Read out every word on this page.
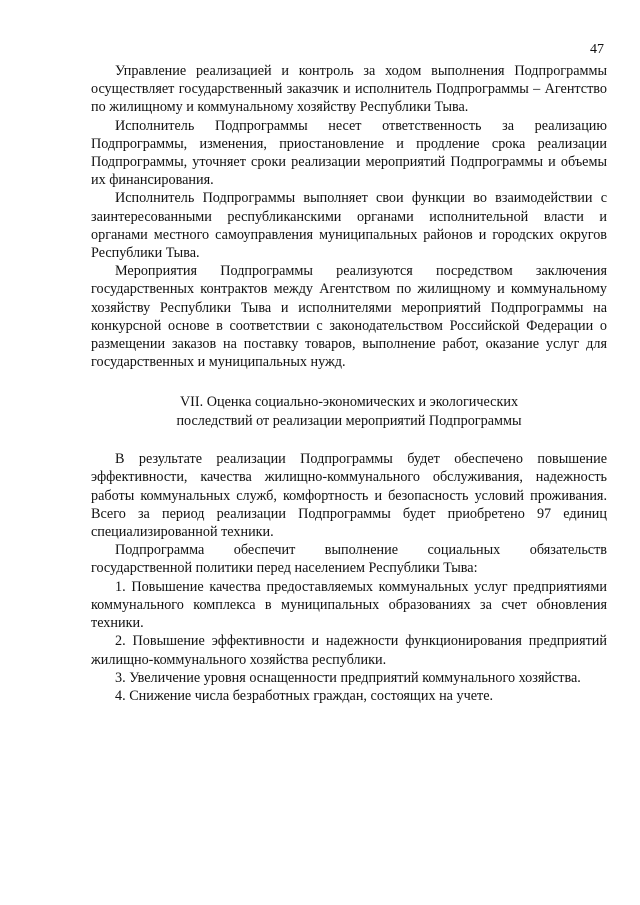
47

Управление реализацией и контроль за ходом выполнения Подпрограммы осуществляет государственный заказчик и исполнитель Подпрограммы – Агентство по жилищному и коммунальному хозяйству Республики Тыва.

Исполнитель Подпрограммы несет ответственность за реализацию Подпрограммы, изменения, приостановление и продление срока реализации Подпрограммы, уточняет сроки реализации мероприятий Подпрограммы и объемы их финансирования.

Исполнитель Подпрограммы выполняет свои функции во взаимодействии с заинтересованными республиканскими органами исполнительной власти и органами местного самоуправления муниципальных районов и городских округов Республики Тыва.

Мероприятия Подпрограммы реализуются посредством заключения государственных контрактов между Агентством по жилищному и коммунальному хозяйству Республики Тыва и исполнителями мероприятий Подпрограммы на конкурсной основе в соответствии с законодательством Российской Федерации о размещении заказов на поставку товаров, выполнение работ, оказание услуг для государственных и муниципальных нужд.

VII. Оценка социально-экономических и экологических
последствий от реализации мероприятий Подпрограммы

В результате реализации Подпрограммы будет обеспечено повышение эффективности, качества жилищно-коммунального обслуживания, надежность работы коммунальных служб, комфортность и безопасность условий проживания. Всего за период реализации Подпрограммы будет приобретено 97 единиц специализированной техники.

Подпрограмма обеспечит выполнение социальных обязательств государственной политики перед населением Республики Тыва:

1. Повышение качества предоставляемых коммунальных услуг предприятиями коммунального комплекса в муниципальных образованиях за счет обновления техники.

2. Повышение эффективности и надежности функционирования предприятий жилищно-коммунального хозяйства республики.

3. Увеличение уровня оснащенности предприятий коммунального хозяйства.

4. Снижение числа безработных граждан, состоящих на учете.
